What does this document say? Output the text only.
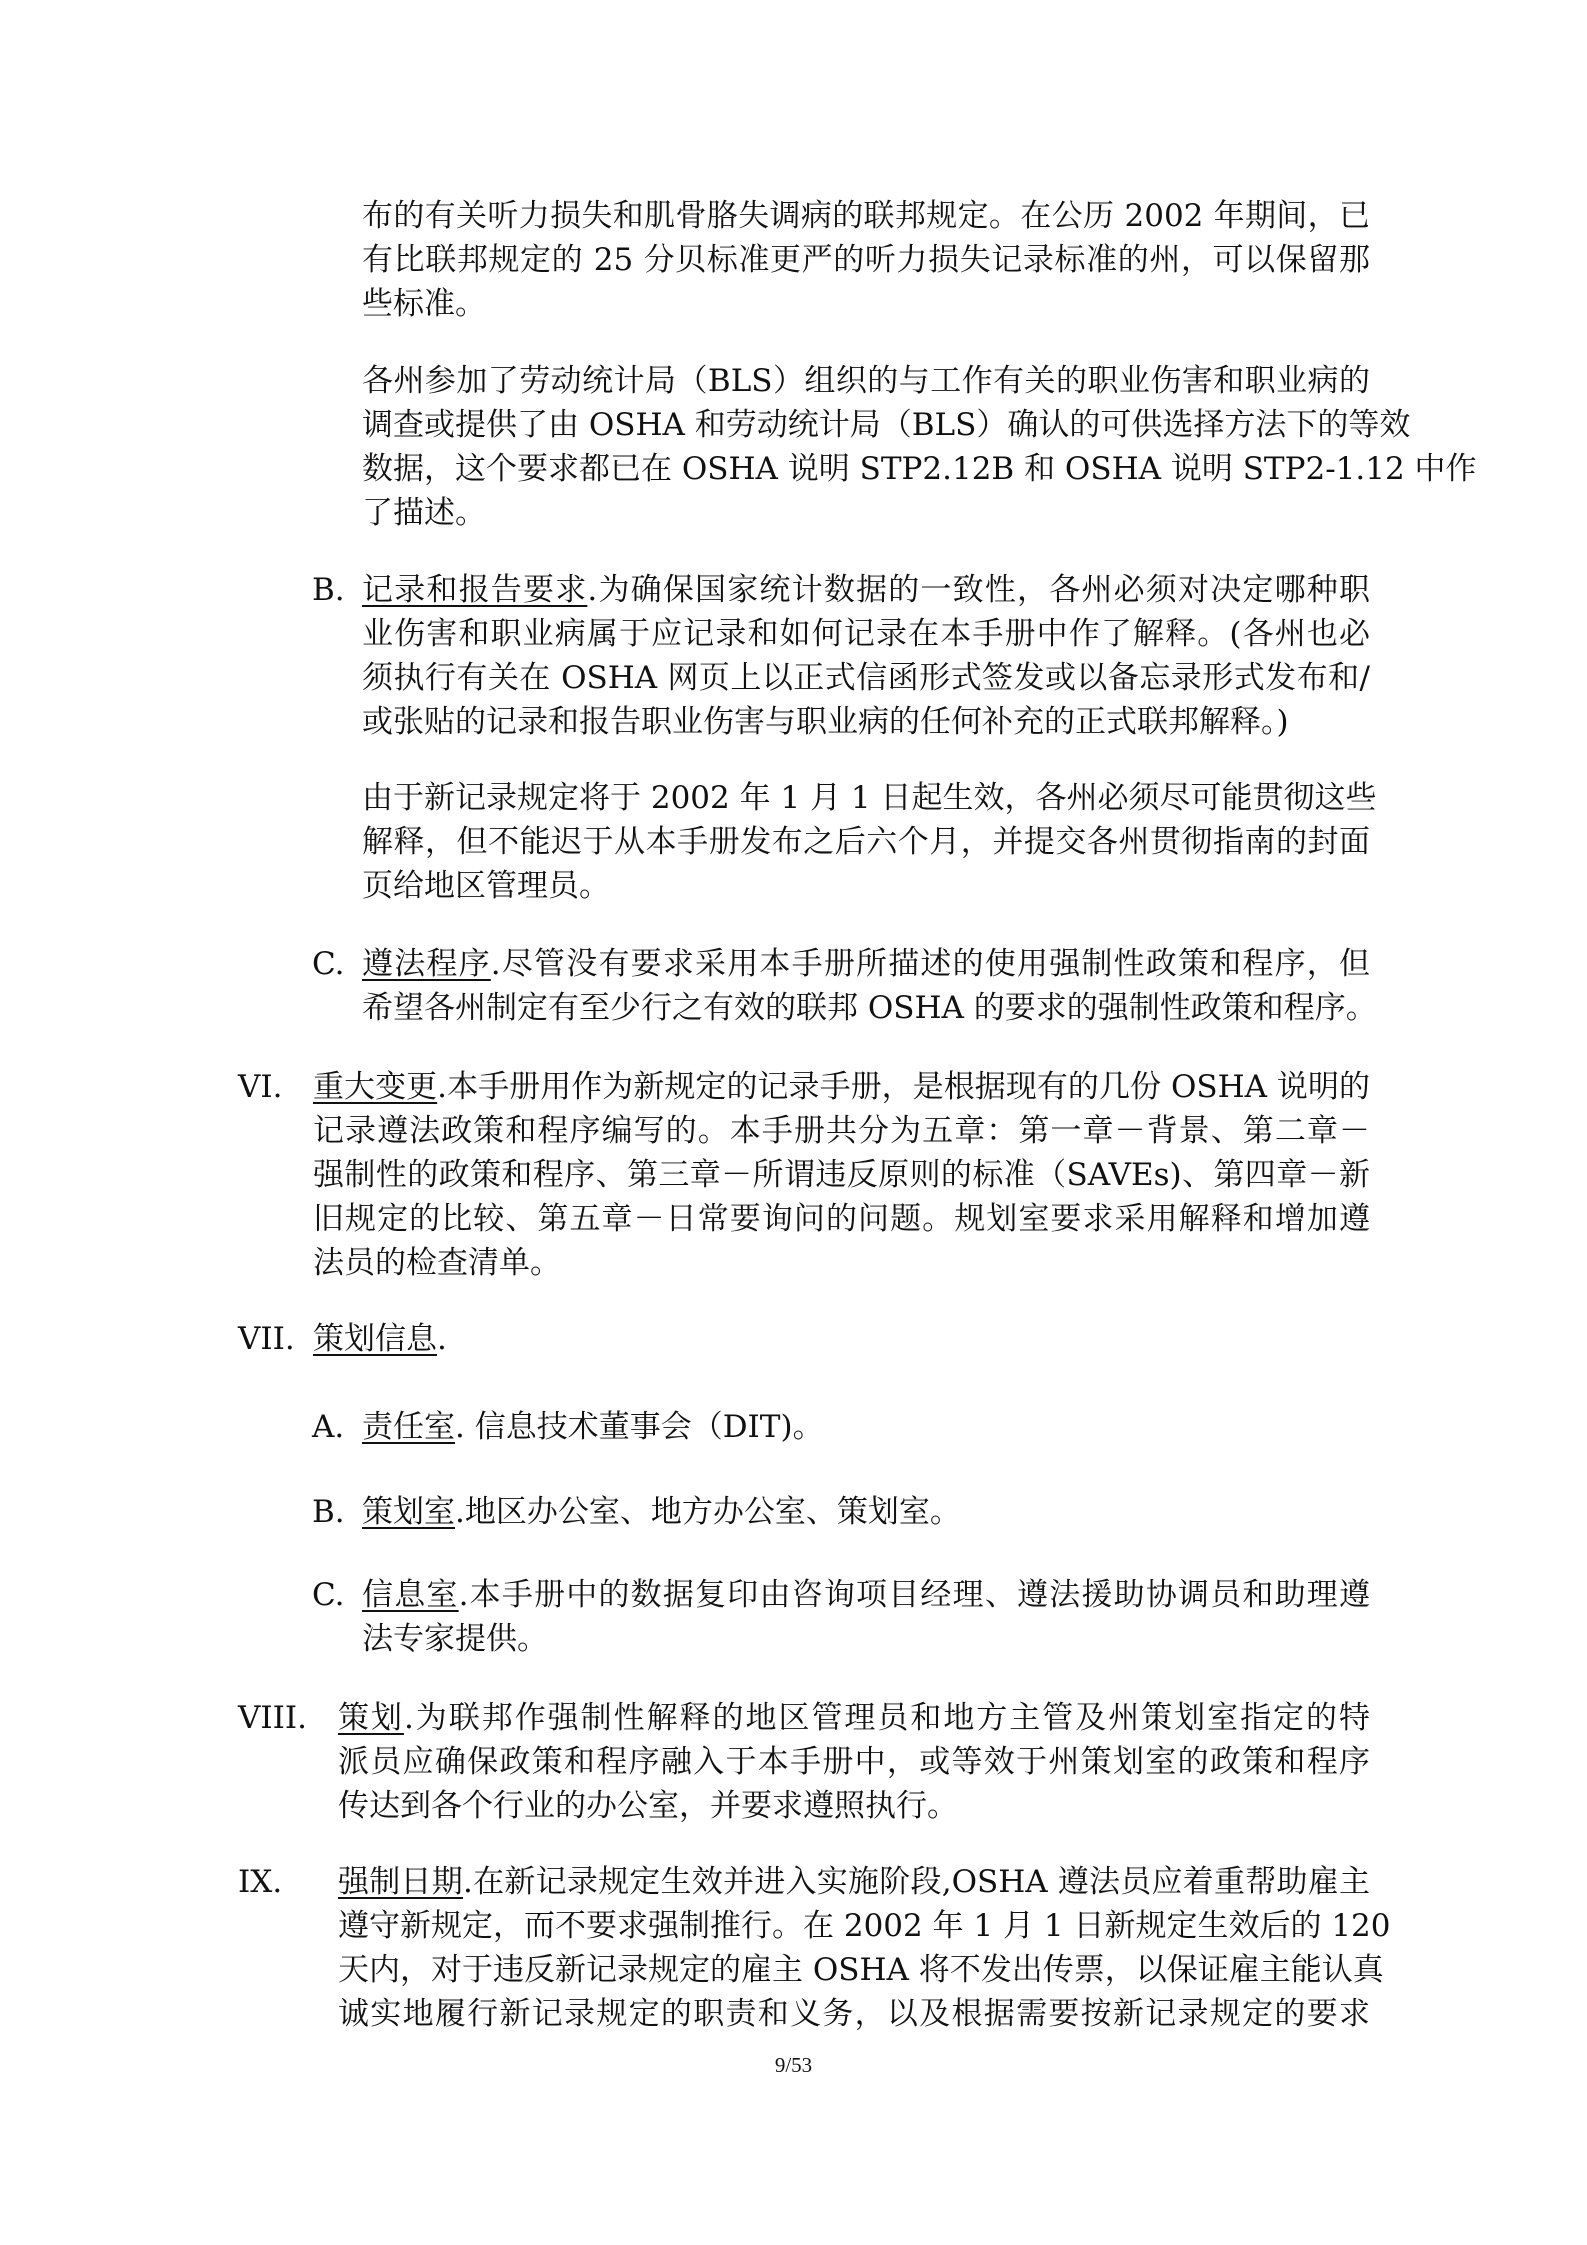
布的有关听力损失和肌骨胳失调病的联邦规定。在公历 2002 年期间，已
有比联邦规定的 25 分贝标准更严的听力损失记录标准的州，可以保留那
些标准。
各州参加了劳动统计局（BLS）组织的与工作有关的职业伤害和职业病的
调查或提供了由 OSHA 和劳动统计局（BLS）确认的可供选择方法下的等效
数据，这个要求都已在 OSHA 说明 STP2.12B 和 OSHA 说明 STP2-1.12 中作
了描述。
B. 记录和报告要求.为确保国家统计数据的一致性，各州必须对决定哪种职
业伤害和职业病属于应记录和如何记录在本手册中作了解释。(各州也必
须执行有关在 OSHA 网页上以正式信函形式签发或以备忘录形式发布和/
或张贴的记录和报告职业伤害与职业病的任何补充的正式联邦解释。)
由于新记录规定将于 2002 年 1 月 1 日起生效，各州必须尽可能贯彻这些
解释，但不能迟于从本手册发布之后六个月，并提交各州贯彻指南的封面
页给地区管理员。
C. 遵法程序.尽管没有要求采用本手册所描述的使用强制性政策和程序，但
希望各州制定有至少行之有效的联邦 OSHA 的要求的强制性政策和程序。
VI. 重大变更.本手册用作为新规定的记录手册，是根据现有的几份 OSHA 说明的
记录遵法政策和程序编写的。本手册共分为五章：第一章－背景、第二章－
强制性的政策和程序、第三章－所谓违反原则的标准（SAVEs)、第四章－新
旧规定的比较、第五章－日常要询问的问题。规划室要求采用解释和增加遵
法员的检查清单。
VII. 策划信息.
A. 责任室. 信息技术董事会（DIT)。
B. 策划室.地区办公室、地方办公室、策划室。
C. 信息室.本手册中的数据复印由咨询项目经理、遵法援助协调员和助理遵
法专家提供。
VIII. 策划.为联邦作强制性解释的地区管理员和地方主管及州策划室指定的特
派员应确保政策和程序融入于本手册中，或等效于州策划室的政策和程序
传达到各个行业的办公室，并要求遵照执行。
IX. 强制日期.在新记录规定生效并进入实施阶段,OSHA 遵法员应着重帮助雇主
遵守新规定，而不要求强制推行。在 2002 年 1 月 1 日新规定生效后的 120
天内，对于违反新记录规定的雇主 OSHA 将不发出传票，以保证雇主能认真
诚实地履行新记录规定的职责和义务，以及根据需要按新记录规定的要求
9/53
